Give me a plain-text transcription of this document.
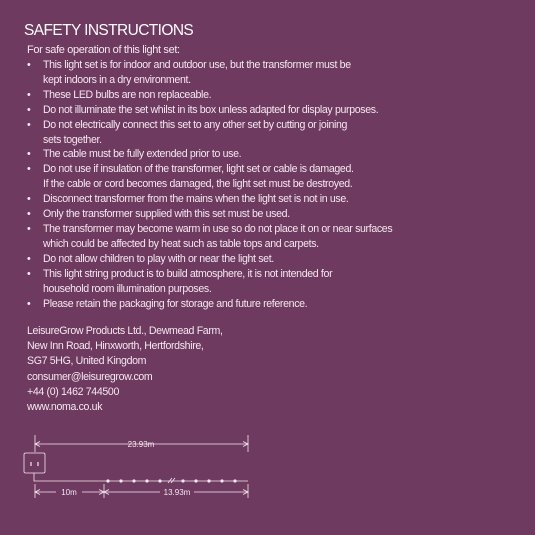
SAFETY INSTRUCTIONS
For safe operation of this light set:
• This light set is for indoor and outdoor use, but the transformer must be
kept indoors in a dry environment.
• These LED bulbs are non replaceable.
• Do not illuminate the set whilst in its box unless adapted for display purposes.
• Do not electrically connect this set to any other set by cutting or joining
sets together.
• The cable must be fully extended prior to use.
• Do not use if insulation of the transformer, light set or cable is damaged.
If the cable or cord becomes damaged, the light set must be destroyed.
• Disconnect transformer from the mains when the light set is not in use.
• Only the transformer supplied with this set must be used.
• The transformer may become warm in use so do not place it on or near surfaces
which could be affected by heat such as table tops and carpets.
• Do not allow children to play with or near the light set.
• This light string product is to build atmosphere, it is not intended for
household room illumination purposes.
• Please retain the packaging for storage and future reference.
LeisureGrow Products Ltd., Dewmead Farm,
New Inn Road, Hinxworth, Hertfordshire,
SG7 5HG, United Kingdom
consumer@leisuregrow.com
+44 (0) 1462 744500
www.noma.co.uk
23.93m
10m	13.93m
